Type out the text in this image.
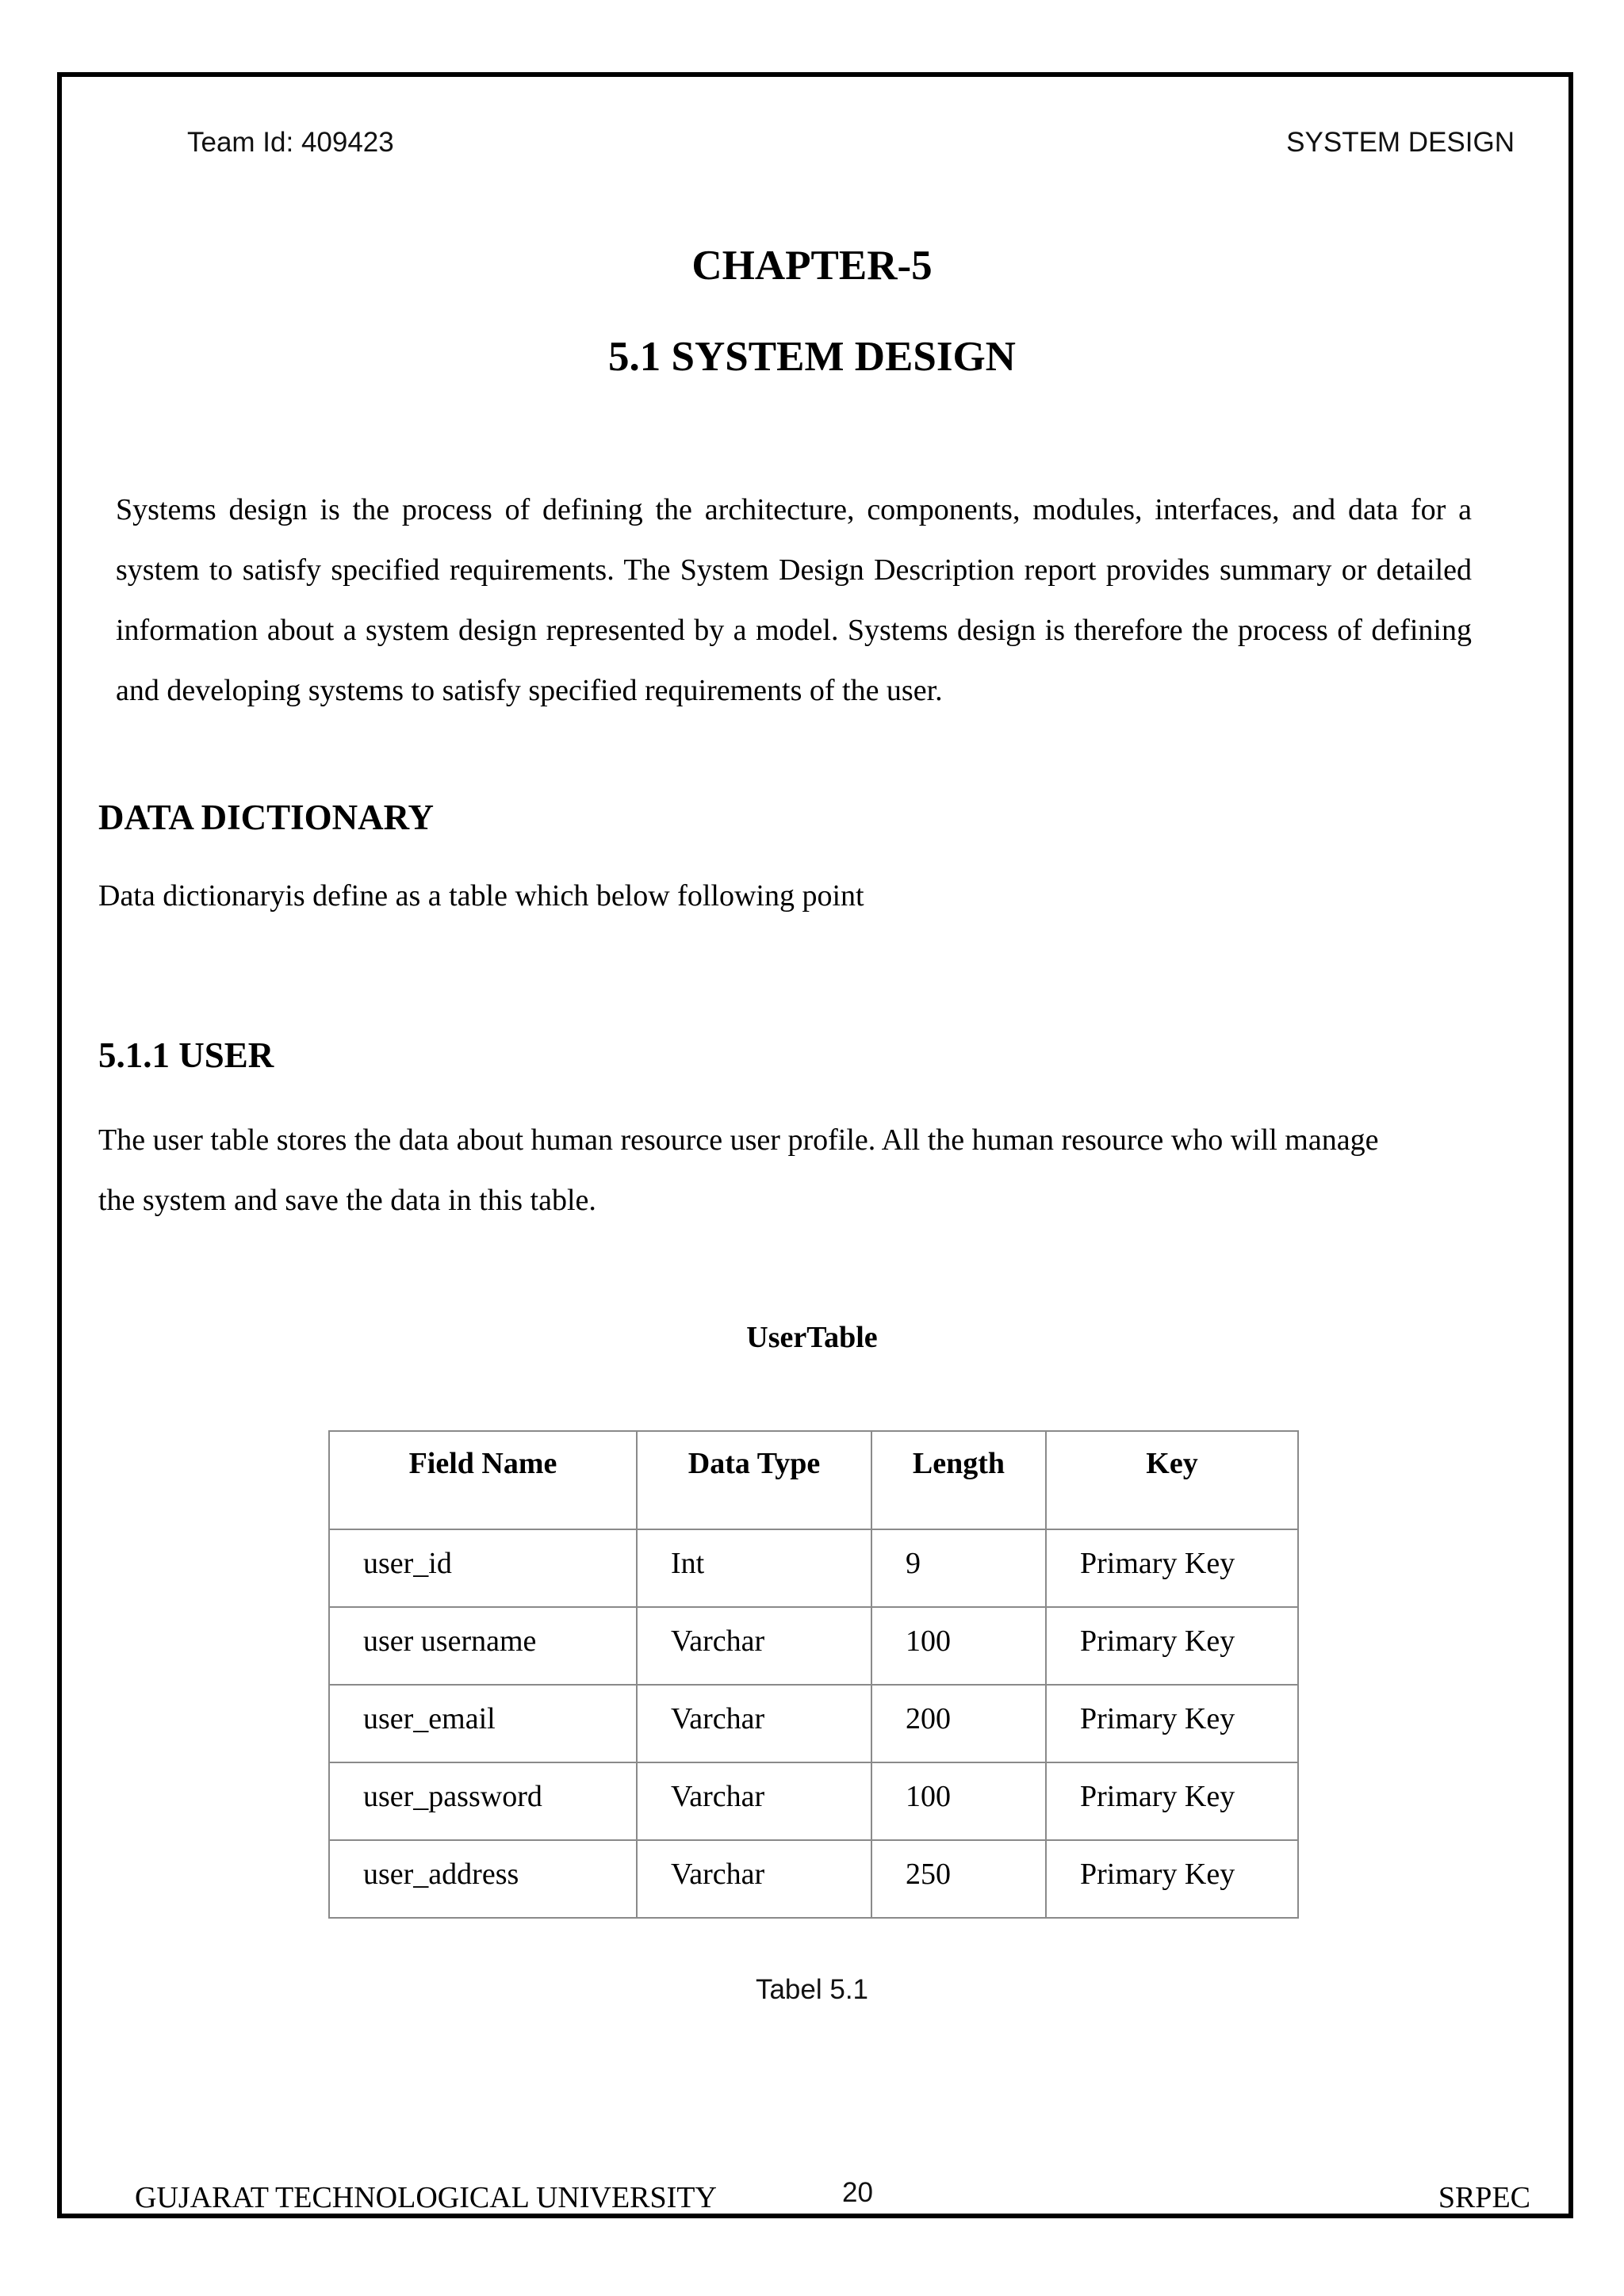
Team Id: 409423	SYSTEM DESIGN
CHAPTER-5
5.1 SYSTEM DESIGN

Systems design is the process of defining the architecture, components, modules, interfaces, and data for a system to satisfy specified requirements. The System Design Description report provides summary or detailed information about a system design represented by a model. Systems design is therefore the process of defining and developing systems to satisfy specified requirements of the user.

DATA DICTIONARY

Data dictionaryis define as a table which below following point

5.1.1 USER

The user table stores the data about human resource user profile. All the human resource who will manage the system and save the data in this table.

UserTable
Field Name	Data Type	Length	Key
user_id	Int	9	Primary Key
user username	Varchar	100	Primary Key
user_email	Varchar	200	Primary Key
user_password	Varchar	100	Primary Key
user_address	Varchar	250	Primary Key
Tabel 5.1
GUJARAT TECHNOLOGICAL UNIVERSITY	20	SRPEC
